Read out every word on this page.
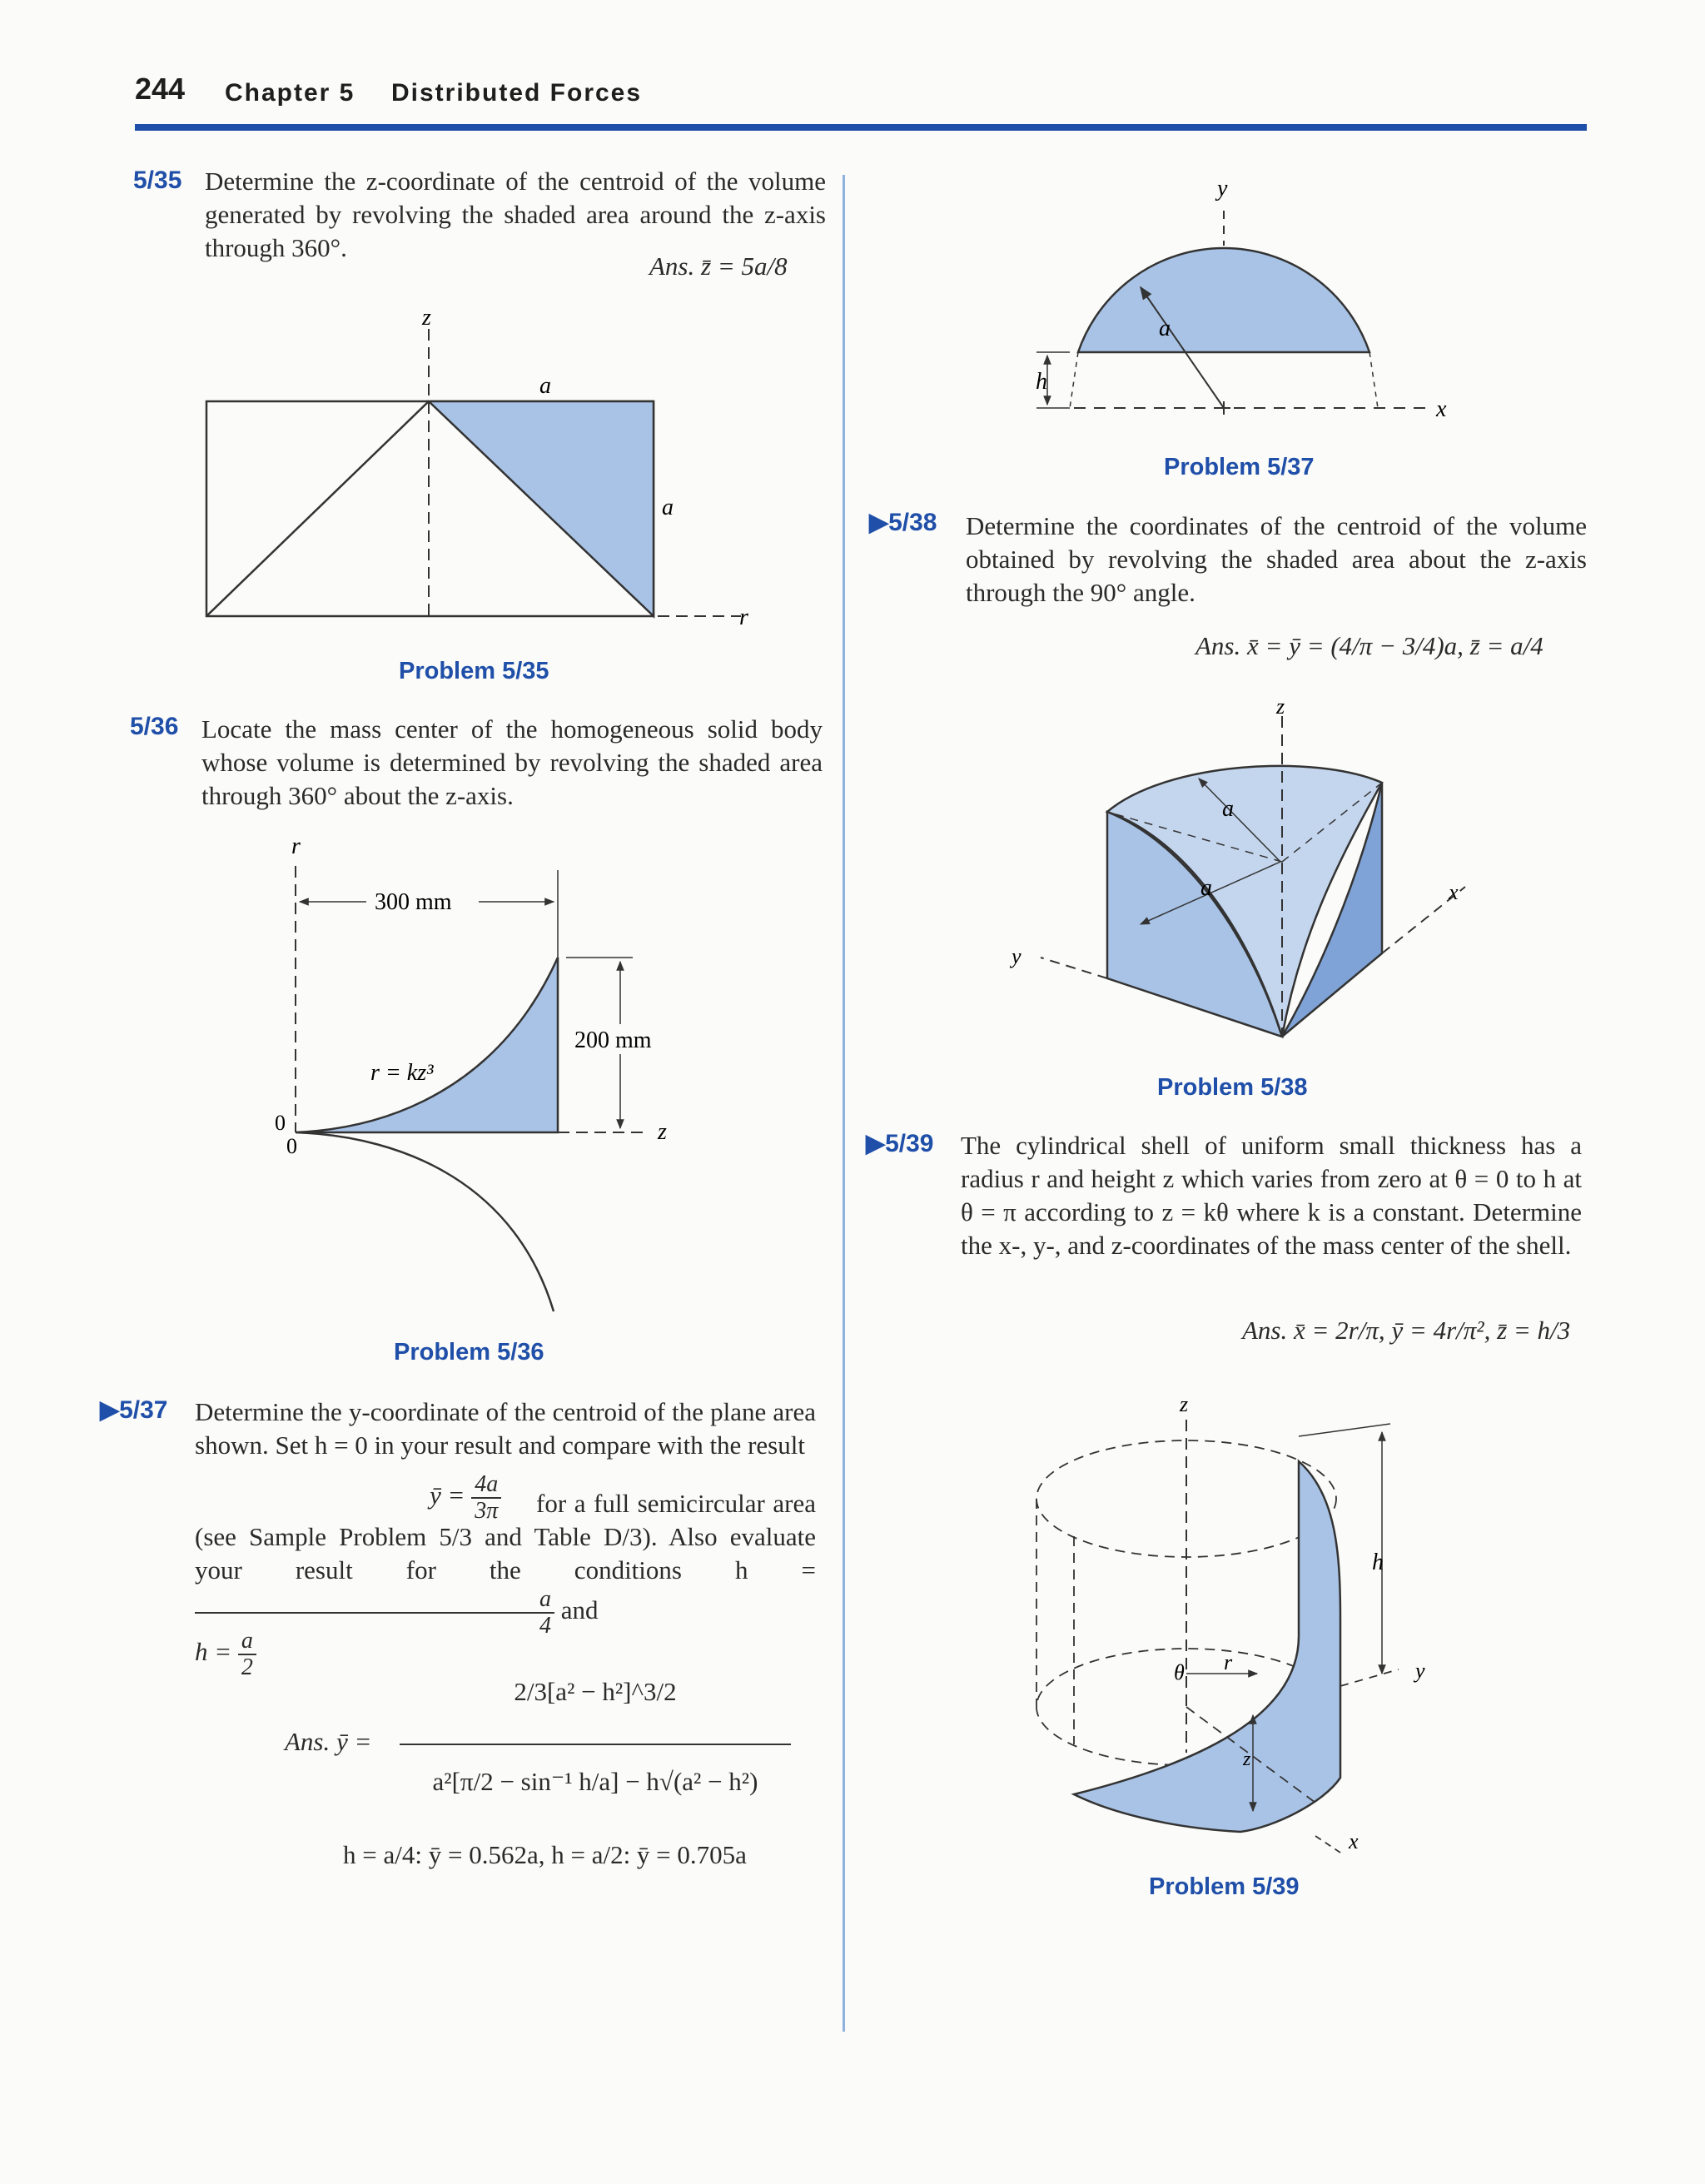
244 Chapter 5 Distributed Forces
5/35 Determine the z-coordinate of the centroid of the volume generated by revolving the shaded area around the z-axis through 360°.
Ans. z̄ = 5a/8
z
a
a
r
Problem 5/35
5/36 Locate the mass center of the homogeneous solid body whose volume is determined by revolving the shaded area through 360° about the z-axis.
r
300 mm
200 mm
r = kz³
z
0
0
Problem 5/36
▶5/37 Determine the y-coordinate of the centroid of the plane area shown. Set h = 0 in your result and compare with the result
ȳ = $\frac{4a}{3\pi}$	for a full semicircular area (see Sample Problem 5/3 and Table D/3). Also evaluate your result for the conditions h =
$\frac{a}{4}$ and
$h = \frac{a}{2}$
Ans. ȳ =
2/3[a² − h²]^3/2
a²[π/2 − sin⁻¹ h/a] − h√(a² − h²)
h = a/4: ȳ = 0.562a, h = a/2: ȳ = 0.705a
y
a
h
x
Problem 5/37
▶5/38 Determine the coordinates of the centroid of the volume obtained by revolving the shaded area about the z-axis through the 90° angle.
Ans. x̄ = ȳ = (4/π − 3/4)a, z̄ = a/4
z
a
a	x
y
Problem 5/38
▶5/39 The cylindrical shell of uniform small thickness has a radius r and height z which varies from zero at θ = 0 to h at θ = π according to z = kθ where k is a constant. Determine the x-, y-, and z-coordinates of the mass center of the shell.
Ans. x̄ = 2r/π, ȳ = 4r/π², z̄ = h/3
z
h
y
θ r
z
x
Problem 5/39
